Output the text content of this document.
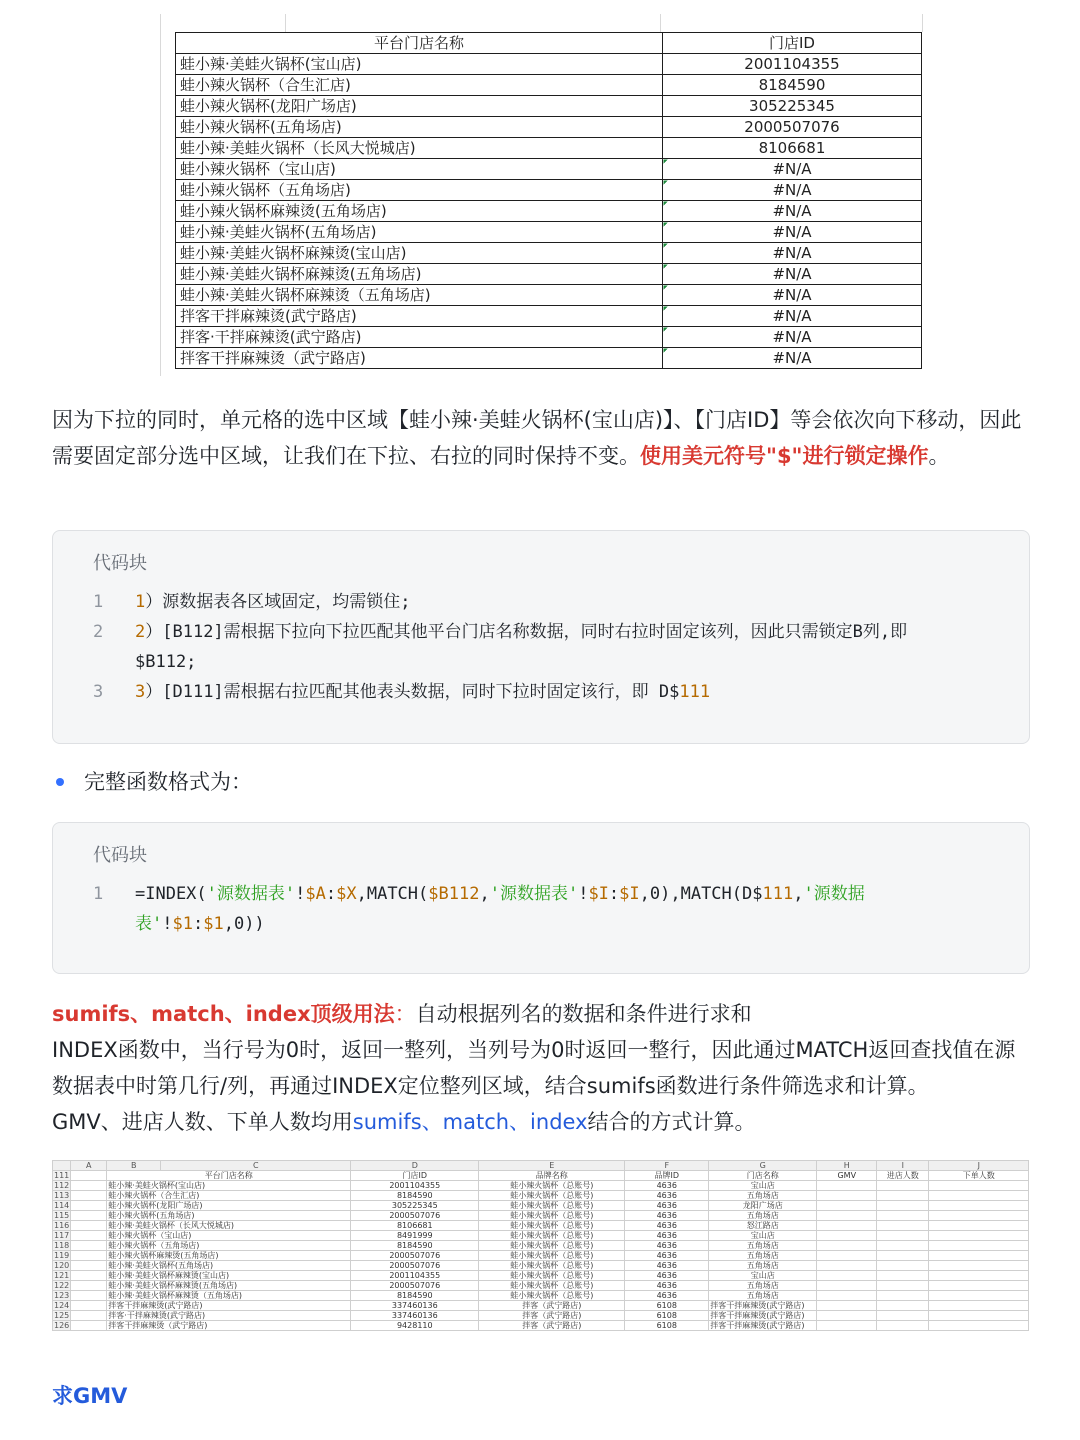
平台门店名称	门店ID
蛙小辣·美蛙火锅杯(宝山店)	2001104355
蛙小辣火锅杯（合生汇店)	8184590
蛙小辣火锅杯(龙阳广场店)	305225345
蛙小辣火锅杯(五角场店)	2000507076
蛙小辣·美蛙火锅杯（长风大悦城店)	8106681
蛙小辣火锅杯（宝山店)	#N/A
蛙小辣火锅杯（五角场店)	#N/A
蛙小辣火锅杯麻辣烫(五角场店)	#N/A
蛙小辣·美蛙火锅杯(五角场店)	#N/A
蛙小辣·美蛙火锅杯麻辣烫(宝山店)	#N/A
蛙小辣·美蛙火锅杯麻辣烫(五角场店)	#N/A
蛙小辣·美蛙火锅杯麻辣烫（五角场店)	#N/A
拌客干拌麻辣烫(武宁路店)	#N/A
拌客·干拌麻辣烫(武宁路店)	#N/A
拌客干拌麻辣烫（武宁路店)	#N/A
因为下拉的同时，单元格的选中区域【蛙小辣·美蛙火锅杯(宝山店)】、【门店ID】等会依次向下移动，因此需要固定部分选中区域，让我们在下拉、右拉的同时保持不变。使用美元符号"$"进行锁定操作。
代码块
1 1）源数据表各区域固定，均需锁住;
2 2）[B112]需根据下拉向下拉匹配其他平台门店名称数据，同时右拉时固定该列，因此只需锁定B列,即
$B112;
3 3）[D111]需根据右拉匹配其他表头数据，同时下拉时固定该行，即 D$111
完整函数格式为：
代码块
1 =INDEX('源数据表'!$A:$X,MATCH($B112,'源数据表'!$I:$I,0),MATCH(D$111,'源数据
表'!$1:$1,0))
sumifs、match、index顶级用法：自动根据列名的数据和条件进行求和
INDEX函数中，当行号为0时，返回一整列，当列号为0时返回一整行，因此通过MATCH返回查找值在源数据表中时第几行/列，再通过INDEX定位整列区域，结合sumifs函数进行条件筛选求和计算。
GMV、进店人数、下单人数均用sumifs、match、index结合的方式计算。
	A	B	C	D	E	F	G	H	I	J
111		平台门店名称		门店ID	品牌名称	品牌ID	门店名称	GMV	进店人数	下单人数
112		蛙小辣·美蛙火锅杯(宝山店)		2001104355	蛙小辣火锅杯（总账号)	4636	宝山店			
113		蛙小辣火锅杯（合生汇店)		8184590	蛙小辣火锅杯（总账号)	4636	五角场店			
114		蛙小辣火锅杯(龙阳广场店)		305225345	蛙小辣火锅杯（总账号)	4636	龙阳广场店			
115		蛙小辣火锅杯(五角场店)		2000507076	蛙小辣火锅杯（总账号)	4636	五角场店			
116		蛙小辣·美蛙火锅杯（长风大悦城店)		8106681	蛙小辣火锅杯（总账号)	4636	怒江路店			
117		蛙小辣火锅杯（宝山店)		8491999	蛙小辣火锅杯（总账号)	4636	宝山店			
118		蛙小辣火锅杯（五角场店)		8184590	蛙小辣火锅杯（总账号)	4636	五角场店			
119		蛙小辣火锅杯麻辣烫(五角场店)		2000507076	蛙小辣火锅杯（总账号)	4636	五角场店			
120		蛙小辣·美蛙火锅杯(五角场店)		2000507076	蛙小辣火锅杯（总账号)	4636	五角场店			
121		蛙小辣·美蛙火锅杯麻辣烫(宝山店)		2001104355	蛙小辣火锅杯（总账号)	4636	宝山店			
122		蛙小辣·美蛙火锅杯麻辣烫(五角场店)		2000507076	蛙小辣火锅杯（总账号)	4636	五角场店			
123		蛙小辣·美蛙火锅杯麻辣烫（五角场店)		8184590	蛙小辣火锅杯（总账号)	4636	五角场店			
124		拌客干拌麻辣烫(武宁路店)		337460136	拌客（武宁路店)	6108	拌客干拌麻辣烫(武宁路店)			
125		拌客·干拌麻辣烫(武宁路店)		337460136	拌客（武宁路店)	6108	拌客干拌麻辣烫(武宁路店)			
126		拌客干拌麻辣烫（武宁路店)		9428110	拌客（武宁路店)	6108	拌客干拌麻辣烫(武宁路店)			
求GMV
